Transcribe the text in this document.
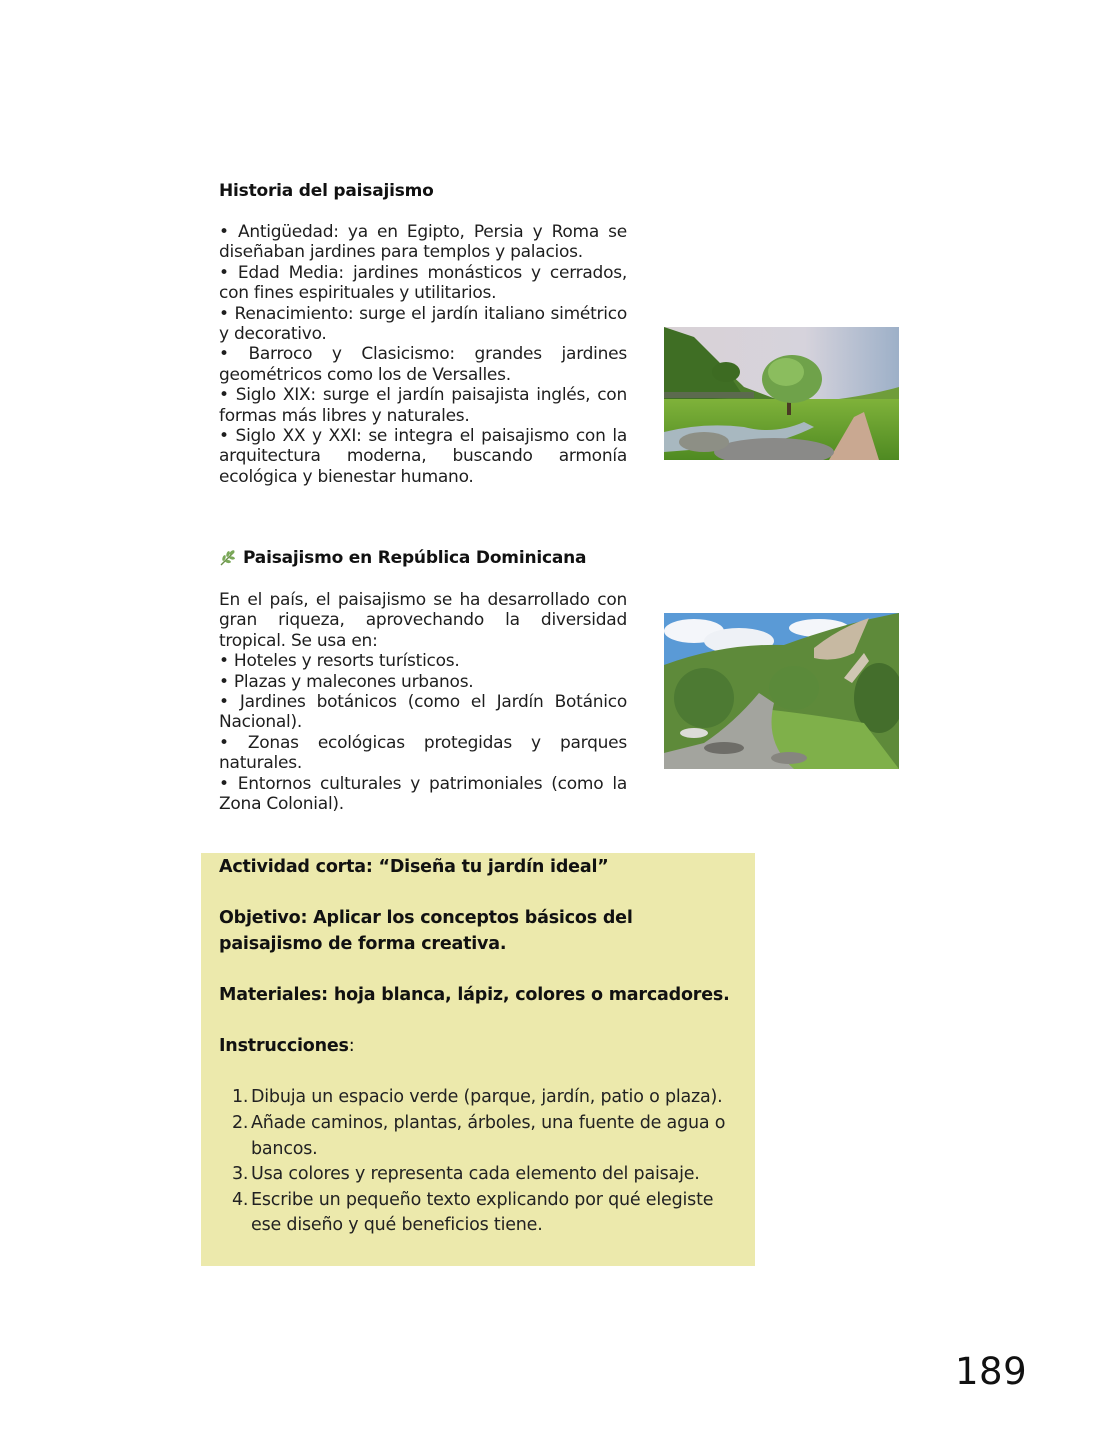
Historia del paisajismo

• Antigüedad: ya en Egipto, Persia y Roma se diseñaban jardines para templos y palacios.

• Edad Media: jardines monásticos y cerrados, con fines espirituales y utilitarios.

• Renacimiento: surge el jardín italiano simétrico y decorativo.

• Barroco y Clasicismo: grandes jardines geométricos como los de Versalles.

• Siglo XIX: surge el jardín paisajista inglés, con formas más libres y naturales.

• Siglo XX y XXI: se integra el paisajismo con la arquitectura moderna, buscando armonía ecológica y bienestar humano.

Paisajismo en República Dominicana

En el país, el paisajismo se ha desarrollado con gran riqueza, aprovechando la diversidad tropical. Se usa en:

• Hoteles y resorts turísticos.

• Plazas y malecones urbanos.

• Jardines botánicos (como el Jardín Botánico Nacional).

• Zonas ecológicas protegidas y parques naturales.

• Entornos culturales y patrimoniales (como la Zona Colonial).

Actividad corta: “Diseña tu jardín ideal”

Objetivo: Aplicar los conceptos básicos del

paisajismo de forma creativa.

Materiales: hoja blanca, lápiz, colores o marcadores.

Instrucciones:

1. Dibuja un espacio verde (parque, jardín, patio o plaza).
2. Añade caminos, plantas, árboles, una fuente de agua o bancos.
3. Usa colores y representa cada elemento del paisaje.
4. Escribe un pequeño texto explicando por qué elegiste ese diseño y qué beneficios tiene.
189
